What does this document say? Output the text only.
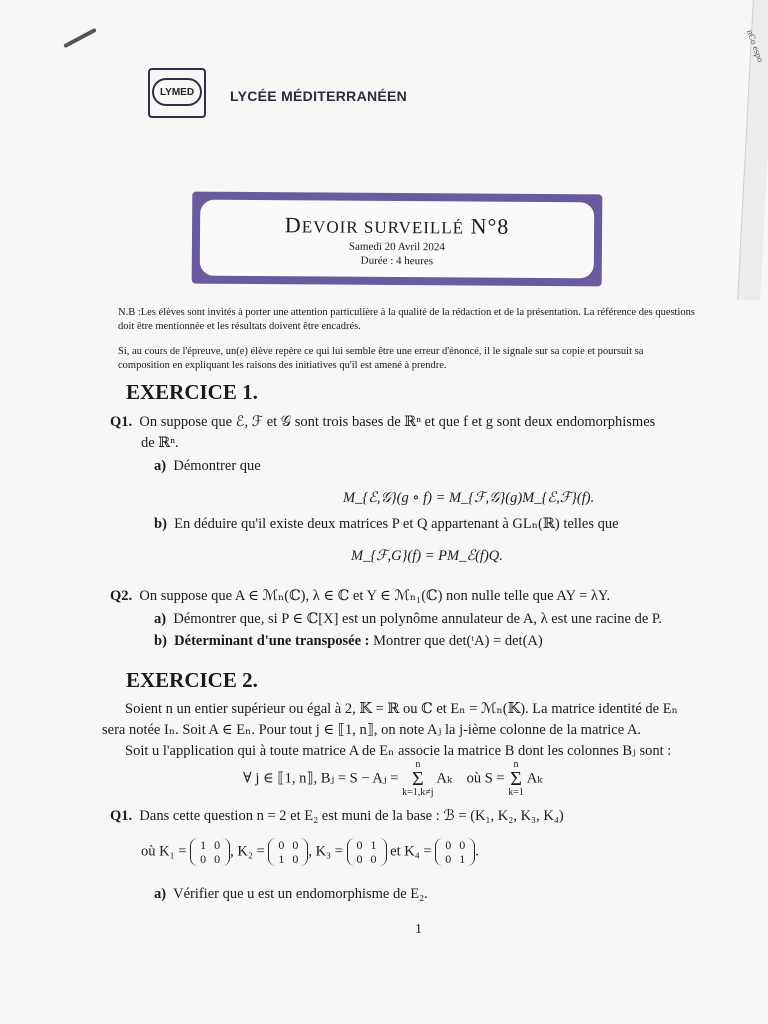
nCo espo
LYMED	LYCÉE MÉDITERRANÉEN
DEVOIR SURVEILLÉ N°8
Samedi 20 Avril 2024
Durée : 4 heures
N.B :Les élèves sont invités à porter une attention particulière à la qualité de la rédaction et de la présentation. La référence des questions doit être mentionnée et les résultats doivent être encadrés.
Si, au cours de l'épreuve, un(e) élève repère ce qui lui semble être une erreur d'énoncé, il le signale sur sa copie et poursuit sa composition en expliquant les raisons des initiatives qu'il est amené à prendre.
EXERCICE 1.
Q1. On suppose que ℰ, ℱ et 𝒢 sont trois bases de ℝⁿ et que f et g sont deux endomorphismes
de ℝⁿ.
a) Démontrer que
M_{ℰ,𝒢}(g ∘ f) = M_{ℱ,𝒢}(g)M_{ℰ,ℱ}(f).
b) En déduire qu'il existe deux matrices P et Q appartenant à GLₙ(ℝ) telles que
M_{ℱ,G}(f) = PM_ℰ(f)Q.
Q2. On suppose que A ∈ ℳₙ(ℂ), λ ∈ ℂ et Y ∈ ℳₙ₁(ℂ) non nulle telle que AY = λY.
a) Démontrer que, si P ∈ ℂ[X] est un polynôme annulateur de A, λ est une racine de P.
b) Déterminant d'une transposée : Montrer que det(ᵗA) = det(A)
EXERCICE 2.
Soient n un entier supérieur ou égal à 2, 𝕂 = ℝ ou ℂ et Eₙ = ℳₙ(𝕂). La matrice identité de Eₙ
sera notée Iₙ. Soit A ∈ Eₙ. Pour tout j ∈ ⟦1, n⟧, on note Aⱼ la j-ième colonne de la matrice A.
Soit u l'application qui à toute matrice A de Eₙ associe la matrice B dont les colonnes Bⱼ sont :
∀ j ∈ ⟦1, n⟧, Bⱼ = S − Aⱼ = n
Σ
k=1,k≠j Aₖ où S = n
Σ
k=1 Aₖ
Q1. Dans cette question n = 2 et E₂ est muni de la base : ℬ = (K₁, K₂, K₃, K₄)
où K₁ = 1 0
0 0 , K₂ = 0 0
1 0 , K₃ = 0 1
0 0 et K₄ = 0 0
0 1 .
a) Vérifier que u est un endomorphisme de E₂.
1
